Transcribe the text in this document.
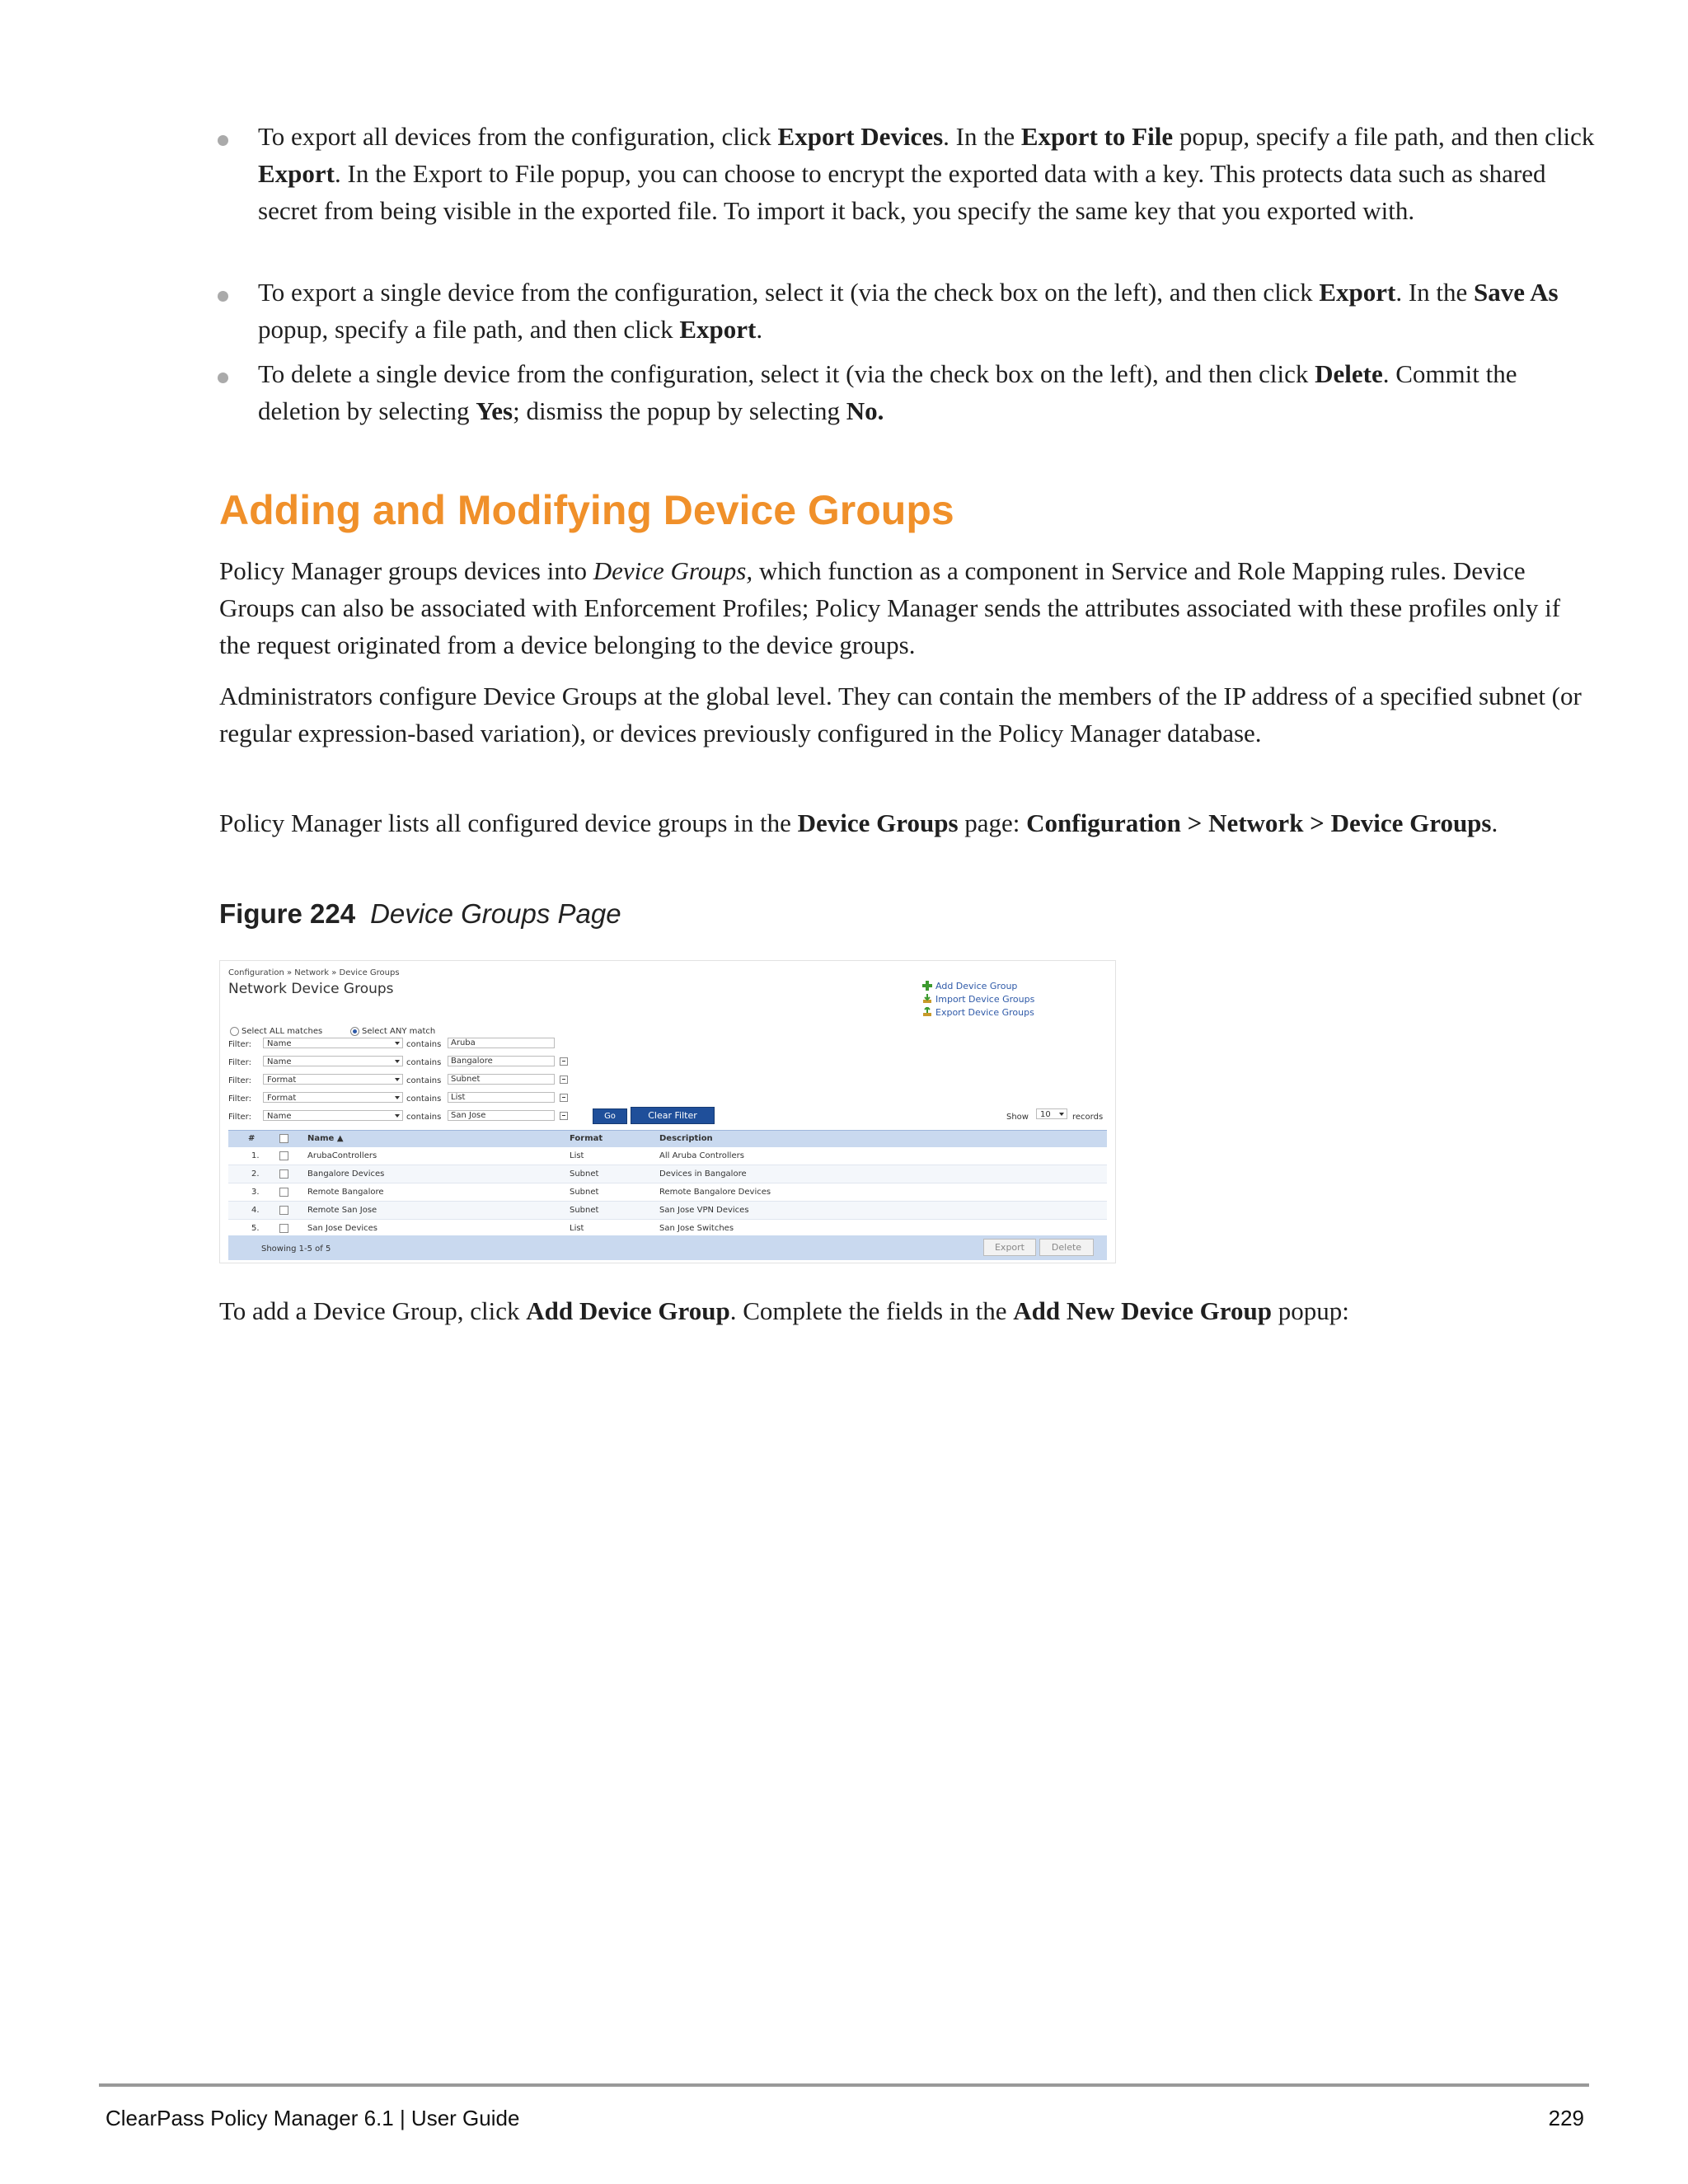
To export all devices from the configuration, click Export Devices. In the Export to File popup, specify a file path, and then click Export. In the Export to File popup, you can choose to encrypt the exported data with a key. This protects data such as shared secret from being visible in the exported file. To import it back, you specify the same key that you exported with.
To export a single device from the configuration, select it (via the check box on the left), and then click Export. In the Save As popup, specify a file path, and then click Export.
To delete a single device from the configuration, select it (via the check box on the left), and then click Delete. Commit the deletion by selecting Yes; dismiss the popup by selecting No.
Adding and Modifying Device Groups
Policy Manager groups devices into Device Groups, which function as a component in Service and Role Mapping rules. Device Groups can also be associated with Enforcement Profiles; Policy Manager sends the attributes associated with these profiles only if the request originated from a device belonging to the device groups.
Administrators configure Device Groups at the global level. They can contain the members of the IP address of a specified subnet (or regular expression-based variation), or devices previously configured in the Policy Manager database.
Policy Manager lists all configured device groups in the Device Groups page: Configuration > Network > Device Groups.
Figure 224 Device Groups Page
Configuration » Network » Device Groups
Network Device Groups	Add Device Group
Import Device Groups
Export Device Groups
Select ALL matches	Select ANY match
Filter:	Name	contains	Aruba
Filter:	Name	contains	Bangalore
Filter:	Format	contains	Subnet
Filter:	Format	contains	List
Filter:	Name	contains	San Jose	Go	Clear Filter	Show	10	records
#	Name ▲	Format	Description
1.	ArubaControllers	List	All Aruba Controllers
2.	Bangalore Devices	Subnet	Devices in Bangalore
3.	Remote Bangalore	Subnet	Remote Bangalore Devices
4.	Remote San Jose	Subnet	San Jose VPN Devices
5.	San Jose Devices	List	San Jose Switches
Showing 1-5 of 5	Export	Delete
To add a Device Group, click Add Device Group. Complete the fields in the Add New Device Group popup:
ClearPass Policy Manager 6.1 | User Guide	229
